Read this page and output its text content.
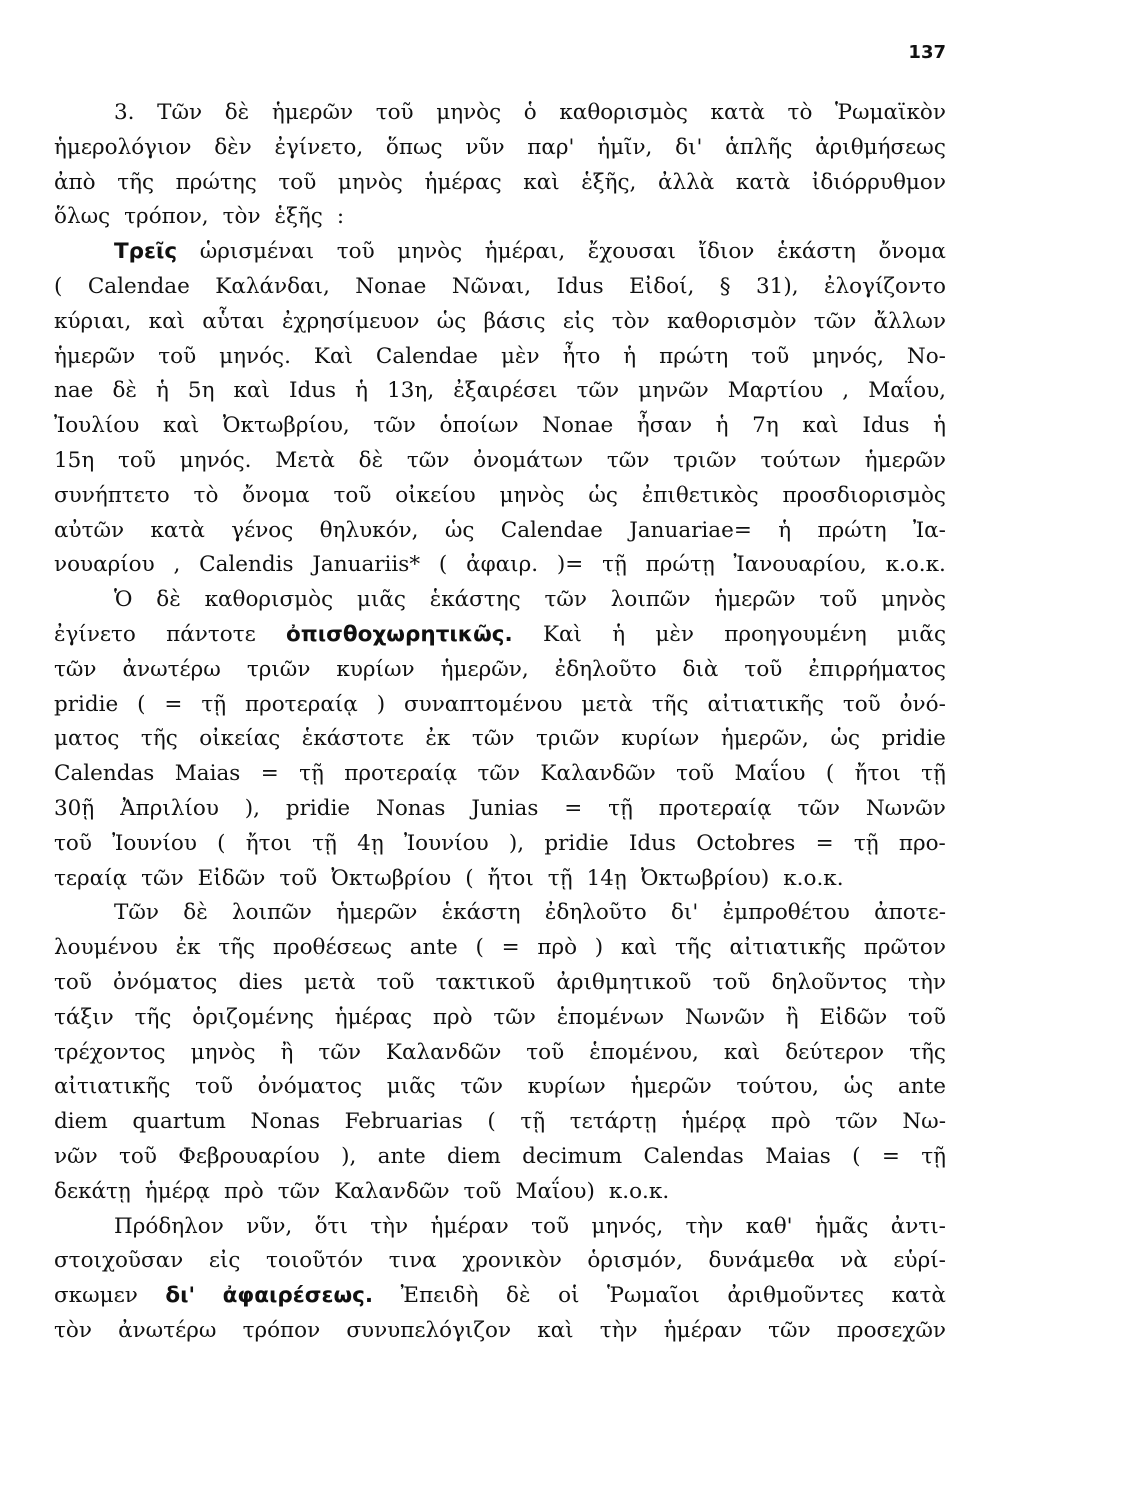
137
3. Τῶν δὲ ἡμερῶν τοῦ μηνὸς ὁ καθορισμὸς κατὰ τὸ Ῥωμαϊκὸν
ἡμερολόγιον δὲν ἐγίνετο, ὅπως νῦν παρ' ἡμῖν, δι' ἁπλῆς ἀριθμήσεως
ἀπὸ τῆς πρώτης τοῦ μηνὸς ἡμέρας καὶ ἑξῆς, ἀλλὰ κατὰ ἰδιόρρυθμον
ὅλως τρόπον, τὸν ἑξῆς :
Τρεῖς ὡρισμέναι τοῦ μηνὸς ἡμέραι, ἔχουσαι ἴδιον ἑκάστη ὄνομα
( Calendae Καλάνδαι, Nonae Νῶναι, Idus Εἰδοί, § 31), ἐλογίζοντο
κύριαι, καὶ αὗται ἐχρησίμευον ὡς βάσις εἰς τὸν καθορισμὸν τῶν ἄλλων
ἡμερῶν τοῦ μηνός. Καὶ Calendae μὲν ἦτο ἡ πρώτη τοῦ μηνός, No-
nae δὲ ἡ 5η καὶ Idus ἡ 13η, ἐξαιρέσει τῶν μηνῶν Μαρτίου , Μαΐου,
Ἰουλίου καὶ Ὀκτωβρίου, τῶν ὁποίων Nonae ἦσαν ἡ 7η καὶ Idus ἡ
15η τοῦ μηνός. Μετὰ δὲ τῶν ὀνομάτων τῶν τριῶν τούτων ἡμερῶν
συνήπτετο τὸ ὄνομα τοῦ οἰκείου μηνὸς ὡς ἐπιθετικὸς προσδιορισμὸς
αὐτῶν κατὰ γένος θηλυκόν, ὡς Calendae Januariae= ἡ πρώτη Ἰα-
νουαρίου , Calendis Januariis* ( ἀφαιρ. )= τῇ πρώτῃ Ἰανουαρίου, κ.ο.κ.
Ὁ δὲ καθορισμὸς μιᾶς ἑκάστης τῶν λοιπῶν ἡμερῶν τοῦ μηνὸς
ἐγίνετο πάντοτε ὀπισθοχωρητικῶς. Καὶ ἡ μὲν προηγουμένη μιᾶς
τῶν ἀνωτέρω τριῶν κυρίων ἡμερῶν, ἐδηλοῦτο διὰ τοῦ ἐπιρρήματος
pridie ( = τῇ προτεραίᾳ ) συναπτομένου μετὰ τῆς αἰτιατικῆς τοῦ ὀνό-
ματος τῆς οἰκείας ἑκάστοτε ἐκ τῶν τριῶν κυρίων ἡμερῶν, ὡς pridie
Calendas Maias = τῇ προτεραίᾳ τῶν Καλανδῶν τοῦ Μαΐου ( ἤτοι τῇ
30ῇ Ἀπριλίου ), pridie Nonas Junias = τῇ προτεραίᾳ τῶν Νωνῶν
τοῦ Ἰουνίου ( ἤτοι τῇ 4ῃ Ἰουνίου ), pridie Idus Octobres = τῇ προ-
τεραίᾳ τῶν Εἰδῶν τοῦ Ὀκτωβρίου ( ἤτοι τῇ 14ῃ Ὀκτωβρίου) κ.ο.κ.
Τῶν δὲ λοιπῶν ἡμερῶν ἑκάστη ἐδηλοῦτο δι' ἐμπροθέτου ἀποτε-
λουμένου ἐκ τῆς προθέσεως ante ( = πρὸ ) καὶ τῆς αἰτιατικῆς πρῶτον
τοῦ ὀνόματος dies μετὰ τοῦ τακτικοῦ ἀριθμητικοῦ τοῦ δηλοῦντος τὴν
τάξιν τῆς ὁριζομένης ἡμέρας πρὸ τῶν ἑπομένων Νωνῶν ἢ Εἰδῶν τοῦ
τρέχοντος μηνὸς ἢ τῶν Καλανδῶν τοῦ ἑπομένου, καὶ δεύτερον τῆς
αἰτιατικῆς τοῦ ὀνόματος μιᾶς τῶν κυρίων ἡμερῶν τούτου, ὡς ante
diem quartum Nonas Februarias ( τῇ τετάρτῃ ἡμέρᾳ πρὸ τῶν Νω-
νῶν τοῦ Φεβρουαρίου ), ante diem decimum Calendas Maias ( = τῇ
δεκάτῃ ἡμέρᾳ πρὸ τῶν Καλανδῶν τοῦ Μαΐου) κ.ο.κ.
Πρόδηλον νῦν, ὅτι τὴν ἡμέραν τοῦ μηνός, τὴν καθ' ἡμᾶς ἀντι-
στοιχοῦσαν εἰς τοιοῦτόν τινα χρονικὸν ὁρισμόν, δυνάμεθα νὰ εὑρί-
σκωμεν δι' ἀφαιρέσεως. Ἐπειδὴ δὲ οἱ Ῥωμαῖοι ἀριθμοῦντες κατὰ
τὸν ἀνωτέρω τρόπον συνυπελόγιζον καὶ τὴν ἡμέραν τῶν προσεχῶν
